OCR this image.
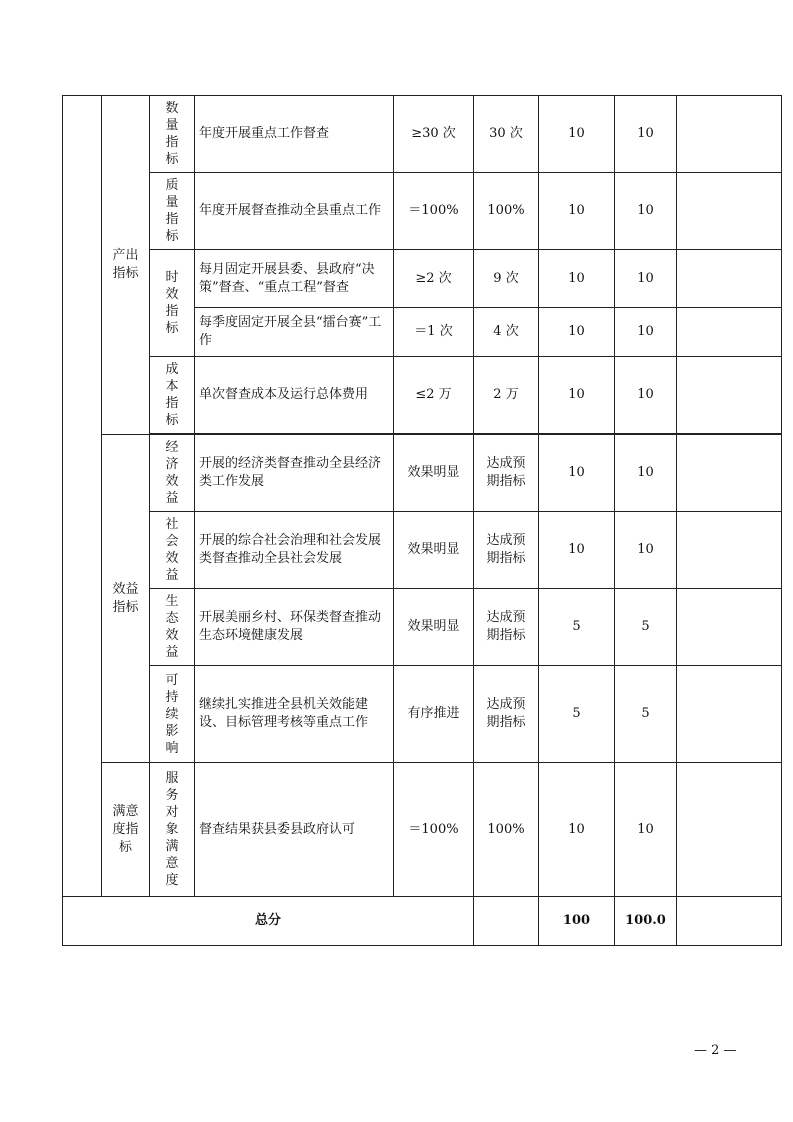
	产出指标	数量指标	年度开展重点工作督查	≥30 次	30 次	10	10	

		质量指标	年度开展督查推动全县重点工作	＝100%	100%	10	10	

		时效指标	每月固定开展县委、县政府“决策”督查、“重点工程”督查	≥2 次	9 次	10	10	
			每季度固定开展全县“擂台赛”工作	＝1 次	4 次	10	10	

		成本指标	单次督查成本及运行总体费用	≤2 万	2 万	10	10	

	效益指标	经济效益	开展的经济类督查推动全县经济类工作发展	效果明显	达成预期指标	10	10	

		社会效益	开展的综合社会治理和社会发展类督查推动全县社会发展	效果明显	达成预期指标	10	10	

		生态效益	开展美丽乡村、环保类督查推动生态环境健康发展	效果明显	达成预期指标	5	5	

		可持续影响	继续扎实推进全县机关效能建设、目标管理考核等重点工作	有序推进	达成预期指标	5	5	
	满意度指标	服务对象满意度	督查结果获县委县政府认可	＝100%	100%	10	10	
总分						100	100.0	
— 2 —
